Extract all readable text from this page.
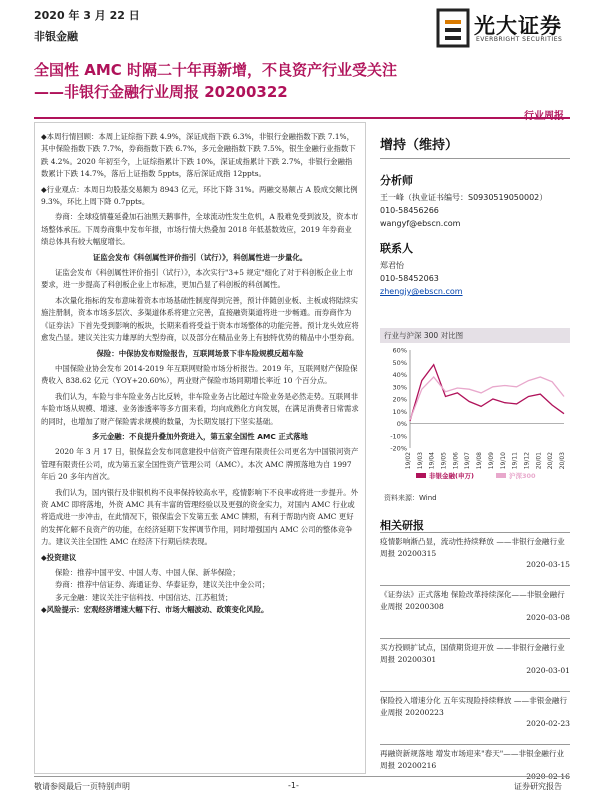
2020 年 3 月 22 日
非银金融	光大证券
EVERBRIGHT SECURITIES
全国性 AMC 时隔二十年再新增，不良资产行业受关注
——非银行金融行业周报 20200322

◆本周行情回顾：本周上证综指下跌 4.9%，深证成指下跌 6.3%，非银行金融指数下跌 7.1%，其中保险指数下跌 7.7%，券商指数下跌 6.7%，多元金融指数下跌 7.5%，银生金融行业指数下跌 4.2%。2020 年初至今，上证综指累计下跌 10%，深证成指累计下跌 2.7%，非银行金融指数累计下跌 14.7%，落后上证指数 5ppts，落后深证成指 12ppts。

◆行业观点：本周日均股基交易额为 8943 亿元，环比下降 31%。两融交易额占 A 股成交额比例 9.3%，环比上周下降 0.7ppts。

券商：全球疫情蔓延叠加石油黑天鹅事件，全球流动性发生危机，A 股难免受到波及，资本市场整体承压。下周券商集中发布年报，市场行情大热叠加 2018 年低基数效应，2019 年券商业绩总体具有较大幅度增长。

证监会发布《科创属性评价指引（试行）》，科创属性进一步量化。

证监会发布《科创属性评价指引（试行）》，本次实行"3+5 规定"细化了对于科创板企业上市要求，进一步提高了科创板企业上市标准，更加凸显了科创板的科创属性。

本次量化指标的发布意味着资本市场基础性制度得到完善，预计伴随创业板、主板或将陆续实施注册制，资本市场多层次、多渠道体系将建立完善，直接融资渠道将进一步畅通。而券商作为《证券法》下首先受到影响的板块，长期来看将受益于资本市场整体的功能完善。预计龙头效应将愈发凸显。建议关注实力雄厚的大型券商，以及部分在精品业务上有独特优势的精品中小型券商。

保险：中保协发布财险报告，互联网场景下非车险规模反超车险

中国保险业协会发布 2014-2019 年互联网财险市场分析报告。2019 年，互联网财产保险保费收入 838.62 亿元（YOY+20.60%），两业财产保险市场同期增长率近 10 个百分点。

我们认为，车险与非车险业务占比反转，非车险业务占比超过车险业务是必然走势。互联网非车险市场从规模、增速、业务渗透率等多方面来看，均向成熟化方向发展，在满足消费者日常需求的同时，也增加了财产保险需求规模的数量，为长期发展打下坚实基础。

多元金融：不良提升叠加外资进入，第五家全国性 AMC 正式落地

2020 年 3 月 17 日，银保监会发布同意建投中信资产管理有限责任公司更名为中国银河资产管理有限责任公司，成为第五家全国性资产管理公司（AMC）。本次 AMC 牌照落地为自 1997 年后 20 多年内首次。

我们认为，国内银行及非银机构不良率保持较高水平，疫情影响下不良率或将进一步提升。外资 AMC 即将落地，外资 AMC 具有丰富的管理经验以及更强的资金实力，对国内 AMC 行业或将造成进一步冲击，在此情况下，银保监会下发第五张 AMC 牌照，有利于帮助内资 AMC 更好的发挥化解不良资产的功能，在经济延期下发挥调节作用，同时增强国内 AMC 公司的整体竞争力。建议关注全国性 AMC 在经济下行期后续表现。

◆投资建议

保险：推荐中国平安、中国人寿、中国人保、新华保险；

券商：推荐中信证券、海通证券、华泰证券，建议关注中金公司；

多元金融：建议关注宇信科技、中国信达、江苏租赁；

◆风险提示：宏观经济增速大幅下行、市场大幅波动、政策变化风险。

增持（维持）
分析师
王一峰（执业证书编号：S0930519050002）
010-58456266
wangyf@ebscn.com
联系人
郑君怡
010-58452063
zhengjy@ebscn.com
行业与沪深 300 对比图
60%
50%
40%
30%
20%
10%
0%
-10%
-20%
19/02 19/03 19/04 19/05 19/06 19/07 19/08 19/09 19/10 19/11 19/12 20/01 20/02 20/03
非银金融(申万)	沪深300
资料来源：Wind
相关研报
疫情影响渐凸显，流动性持续释放 ——非银行金融行业周报 20200315
2020-03-15
《证券法》正式落地 保险改革持续深化——非银金融行业周报 20200308
2020-03-08
买方投顾扩试点，国债期货迎开放 ——非银行金融行业周报 20200301
2020-03-01
保险投入增速分化 五年实现险持续释放 ——非银金融行业周报 20200223
2020-02-23
再融资新规落地 增发市场迎来"春天"——非银金融行业周报 20200216
敬请参阅最后一页特别声明	-1-	证券研究报告
